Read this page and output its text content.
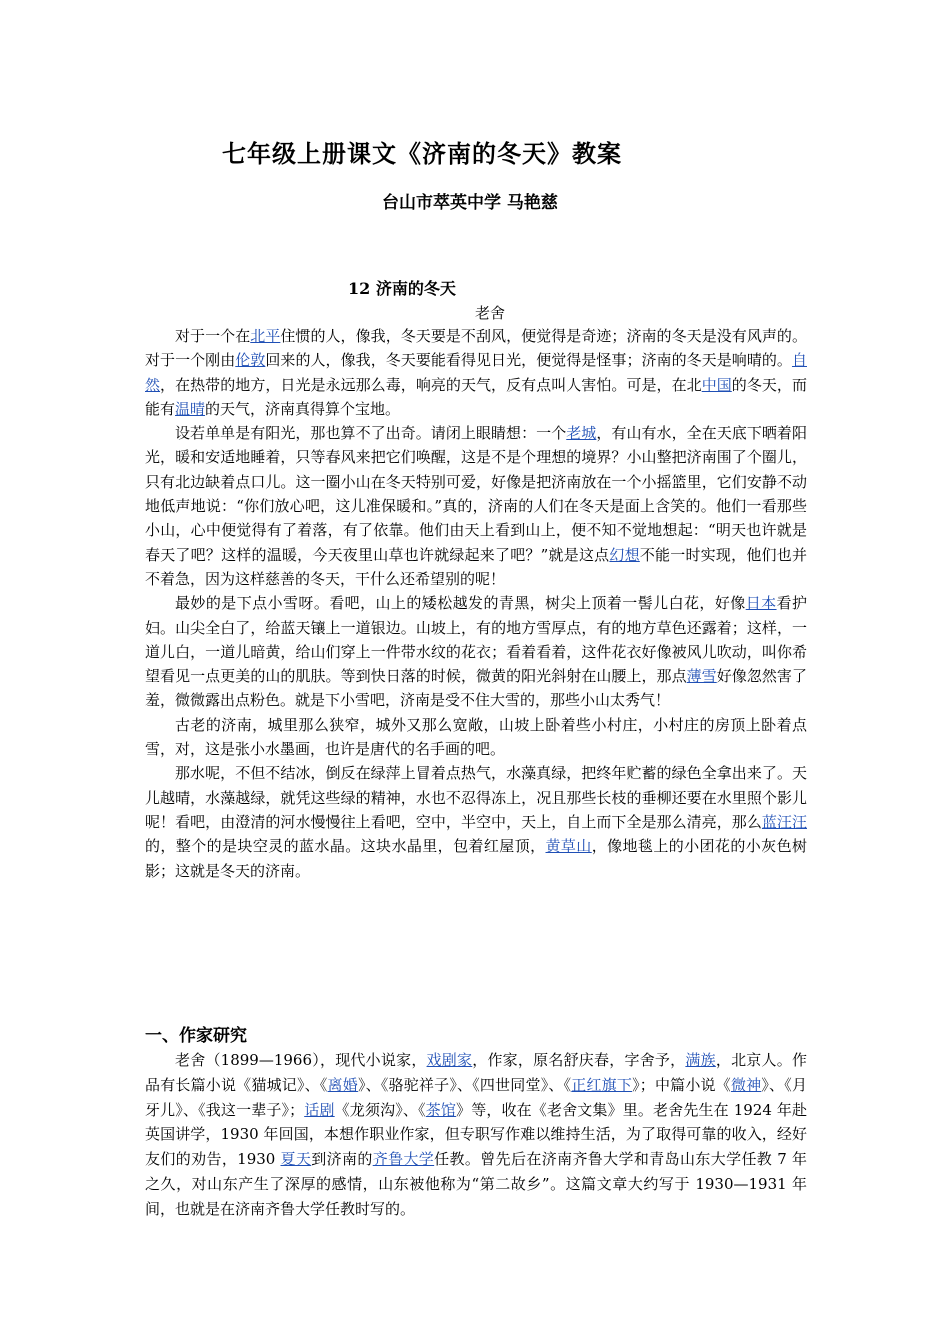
七年级上册课文《济南的冬天》教案
台山市萃英中学 马艳慈
12 济南的冬天
老舍

对于一个在北平住惯的人，像我，冬天要是不刮风，便觉得是奇迹；济南的冬天是没有风声的。对于一个刚由伦敦回来的人，像我，冬天要能看得见日光，便觉得是怪事；济南的冬天是响晴的。自然，在热带的地方，日光是永远那么毒，响亮的天气，反有点叫人害怕。可是，在北中国的冬天，而能有温晴的天气，济南真得算个宝地。

设若单单是有阳光，那也算不了出奇。请闭上眼睛想：一个老城，有山有水，全在天底下晒着阳光，暖和安适地睡着，只等春风来把它们唤醒，这是不是个理想的境界？小山整把济南围了个圈儿，只有北边缺着点口儿。这一圈小山在冬天特别可爱，好像是把济南放在一个小摇篮里，它们安静不动地低声地说：“你们放心吧，这儿准保暖和。”真的，济南的人们在冬天是面上含笑的。他们一看那些小山，心中便觉得有了着落，有了依靠。他们由天上看到山上，便不知不觉地想起：“明天也许就是春天了吧？这样的温暖，今天夜里山草也许就绿起来了吧？”就是这点幻想不能一时实现，他们也并不着急，因为这样慈善的冬天，干什么还希望别的呢！

最妙的是下点小雪呀。看吧，山上的矮松越发的青黑，树尖上顶着一髻儿白花，好像日本看护妇。山尖全白了，给蓝天镶上一道银边。山坡上，有的地方雪厚点，有的地方草色还露着；这样，一道儿白，一道儿暗黄，给山们穿上一件带水纹的花衣；看着看着，这件花衣好像被风儿吹动，叫你希望看见一点更美的山的肌肤。等到快日落的时候，微黄的阳光斜射在山腰上，那点薄雪好像忽然害了羞，微微露出点粉色。就是下小雪吧，济南是受不住大雪的，那些小山太秀气！

古老的济南，城里那么狭窄，城外又那么宽敞，山坡上卧着些小村庄，小村庄的房顶上卧着点雪，对，这是张小水墨画，也许是唐代的名手画的吧。

那水呢，不但不结冰，倒反在绿萍上冒着点热气，水藻真绿，把终年贮蓄的绿色全拿出来了。天儿越晴，水藻越绿，就凭这些绿的精神，水也不忍得冻上，况且那些长枝的垂柳还要在水里照个影儿呢！看吧，由澄清的河水慢慢往上看吧，空中，半空中，天上，自上而下全是那么清亮，那么蓝汪汪的，整个的是块空灵的蓝水晶。这块水晶里，包着红屋顶，黄草山，像地毯上的小团花的小灰色树影；这就是冬天的济南。

一、作家研究

老舍（1899—1966），现代小说家，戏剧家，作家，原名舒庆春，字舍予，满族，北京人。作品有长篇小说《猫城记》、《离婚》、《骆驼祥子》、《四世同堂》、《正红旗下》；中篇小说《微神》、《月牙儿》、《我这一辈子》；话剧《龙须沟》、《茶馆》等，收在《老舍文集》里。老舍先生在 1924 年赴英国讲学，1930 年回国，本想作职业作家，但专职写作难以维持生活，为了取得可靠的收入，经好友们的劝告，1930 夏天到济南的齐鲁大学任教。曾先后在济南齐鲁大学和青岛山东大学任教 7 年之久，对山东产生了深厚的感情，山东被他称为“第二故乡”。这篇文章大约写于 1930—1931 年间，也就是在济南齐鲁大学任教时写的。
